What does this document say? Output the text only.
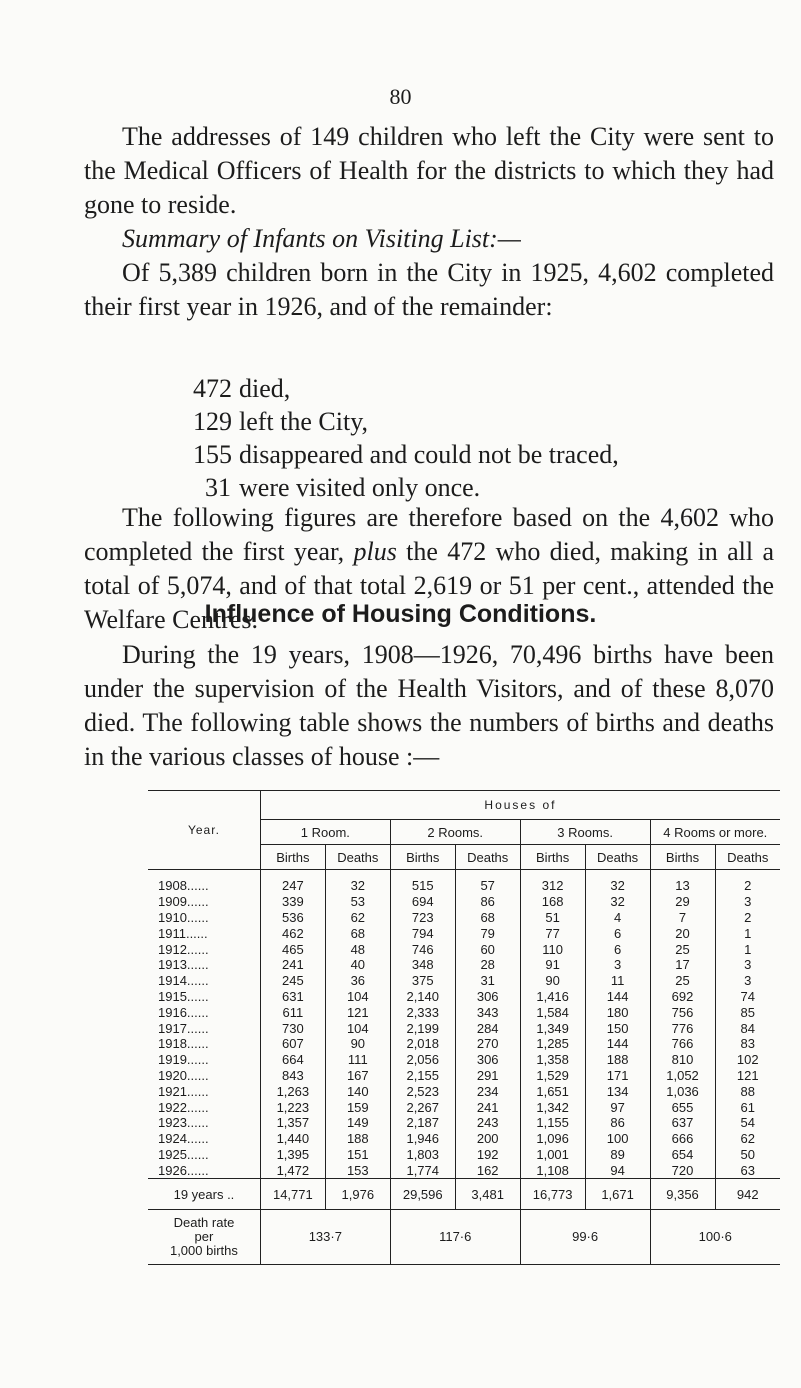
80

The addresses of 149 children who left the City were sent to the Medical Officers of Health for the districts to which they had gone to reside.

Summary of Infants on Visiting List:—

Of 5,389 children born in the City in 1925, 4,602 completed their first year in 1926, and of the remainder:

472 died,
129 left the City,
155 disappeared and could not be traced,
31 were visited only once.

The following figures are therefore based on the 4,602 who completed the first year, plus the 472 who died, making in all a total of 5,074, and of that total 2,619 or 51 per cent., attended the Welfare Centres.

Influence of Housing Conditions.

During the 19 years, 1908—1926, 70,496 births have been under the supervision of the Health Visitors, and of these 8,070 died. The following table shows the numbers of births and deaths in the various classes of house :—

Year.	Houses of							
	1 Room.		2 Rooms.		3 Rooms.		4 Rooms or more.	
	Births	Deaths	Births	Deaths	Births	Deaths	Births	Deaths
1908......	247	32	515	57	312	32	13	2
1909......	339	53	694	86	168	32	29	3
1910......	536	62	723	68	51	4	7	2
1911......	462	68	794	79	77	6	20	1
1912......	465	48	746	60	110	6	25	1
1913......	241	40	348	28	91	3	17	3
1914......	245	36	375	31	90	11	25	3
1915......	631	104	2,140	306	1,416	144	692	74
1916......	611	121	2,333	343	1,584	180	756	85
1917......	730	104	2,199	284	1,349	150	776	84
1918......	607	90	2,018	270	1,285	144	766	83
1919......	664	111	2,056	306	1,358	188	810	102
1920......	843	167	2,155	291	1,529	171	1,052	121
1921......	1,263	140	2,523	234	1,651	134	1,036	88
1922......	1,223	159	2,267	241	1,342	97	655	61
1923......	1,357	149	2,187	243	1,155	86	637	54
1924......	1,440	188	1,946	200	1,096	100	666	62
1925......	1,395	151	1,803	192	1,001	89	654	50
1926......	1,472	153	1,774	162	1,108	94	720	63
19 years ..	14,771	1,976	29,596	3,481	16,773	1,671	9,356	942

Death rate
per
1,000 births	133·7		117·6		99·6		100·6	
